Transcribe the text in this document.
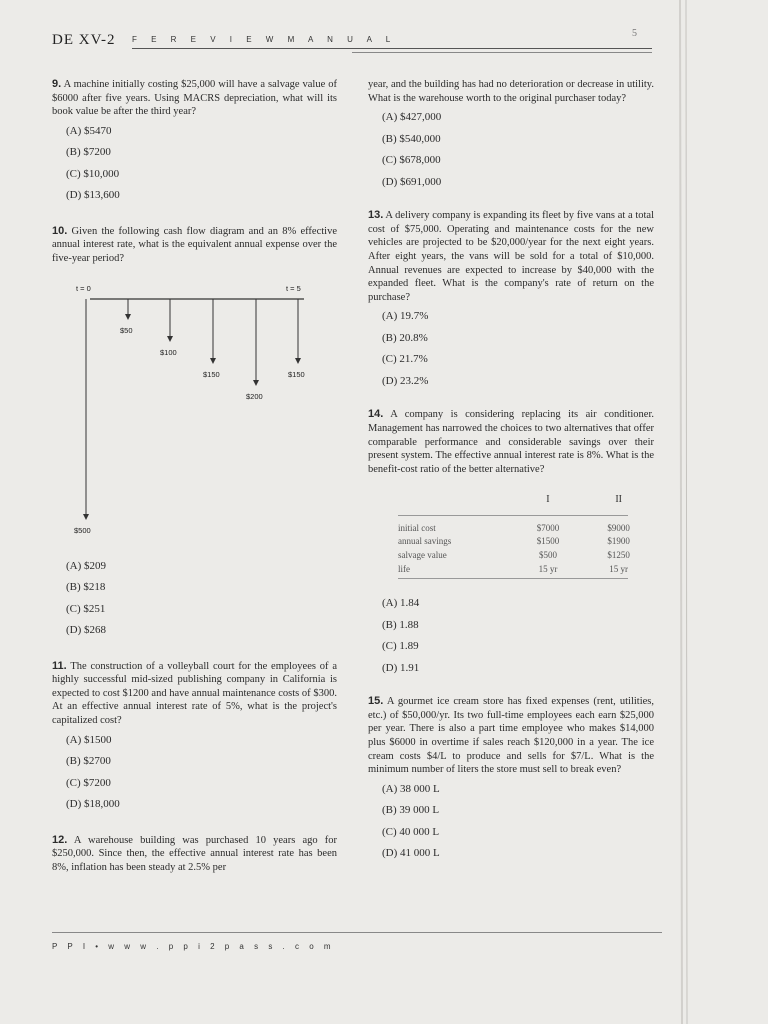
DE XV-2 F E R E V I E W M A N U A L
5

9. A machine initially costing $25,000 will have a salvage value of $6000 after five years. Using MACRS depreciation, what will its book value be after the third year?

(A) $5470
(B) $7200
(C) $10,000
(D) $13,600

10. Given the following cash flow diagram and an 8% effective annual interest rate, what is the equivalent annual expense over the five-year period?

t = 0	t = 5
$50
$100
$150
$200
$150
$500
(A) $209
(B) $218
(C) $251
(D) $268

11. The construction of a volleyball court for the employees of a highly successful mid-sized publishing company in California is expected to cost $1200 and have annual maintenance costs of $300. At an effective annual interest rate of 5%, what is the project's capitalized cost?

(A) $1500
(B) $2700
(C) $7200
(D) $18,000

12. A warehouse building was purchased 10 years ago for $250,000. Since then, the effective annual interest rate has been 8%, inflation has been steady at 2.5% per

year, and the building has had no deterioration or decrease in utility. What is the warehouse worth to the original purchaser today?

(A) $427,000
(B) $540,000
(C) $678,000
(D) $691,000

13. A delivery company is expanding its fleet by five vans at a total cost of $75,000. Operating and maintenance costs for the new vehicles are projected to be $20,000/year for the next eight years. After eight years, the vans will be sold for a total of $10,000. Annual revenues are expected to increase by $40,000 with the expanded fleet. What is the company's rate of return on the purchase?

(A) 19.7%
(B) 20.8%
(C) 21.7%
(D) 23.2%

14. A company is considering replacing its air conditioner. Management has narrowed the choices to two alternatives that offer comparable performance and considerable savings over their present system. The effective annual interest rate is 8%. What is the benefit-cost ratio of the better alternative?

	I	II

initial cost	$7000	$9000
annual savings	$1500	$1900
salvage value	$500	$1250
life	15 yr	15 yr
(A) 1.84
(B) 1.88
(C) 1.89
(D) 1.91

15. A gourmet ice cream store has fixed expenses (rent, utilities, etc.) of $50,000/yr. Its two full-time employees each earn $25,000 per year. There is also a part time employee who makes $14,000 plus $6000 in overtime if sales reach $120,000 in a year. The ice cream costs $4/L to produce and sells for $7/L. What is the minimum number of liters the store must sell to break even?

(A) 38 000 L
(B) 39 000 L
(C) 40 000 L
(D) 41 000 L
P P I • w w w . p p i 2 p a s s . c o m
